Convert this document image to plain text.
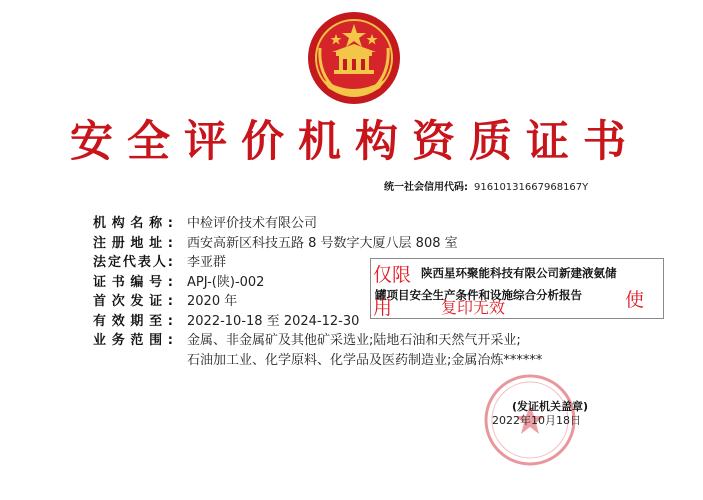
安全评价机构资质证书
统一社会信用代码: 91610131667968167Y
机构名称: 中检评价技术有限公司
注册地址: 西安高新区科技五路 8 号数字大厦八层 808 室
法定代表人: 李亚群
证书编号: APJ-(陕)-002
首次发证: 2020 年
有效期至: 2022-10-18 至 2024-12-30
业务范围: 金属、非金属矿及其他矿采选业;陆地石油和天然气开采业;
石油加工业、化学原料、化学品及医药制造业;金属冶炼******
仅限 陕西星环聚能科技有限公司新建液氨储
罐项目安全生产条件和设施综合分析报告 使
用	复印无效
(发证机关盖章)
2022年10月18日
